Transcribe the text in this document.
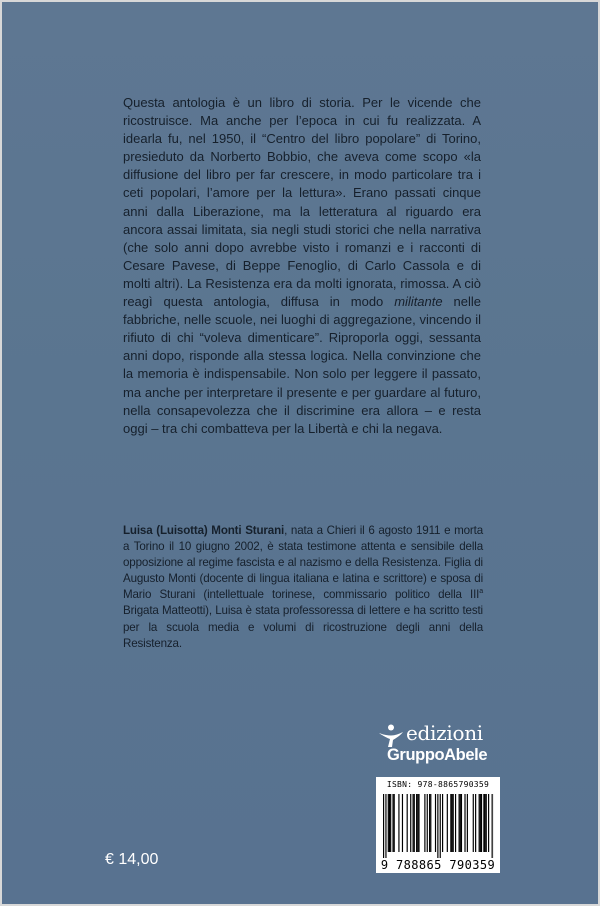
Questa antologia è un libro di storia. Per le vicende che ricostruisce. Ma anche per l’epoca in cui fu realizzata. A idearla fu, nel 1950, il “Centro del libro popolare” di Torino, presieduto da Norberto Bobbio, che aveva come scopo «la diffusione del libro per far crescere, in modo particolare tra i ceti popolari, l’amore per la lettura». Erano passati cinque anni dalla Liberazione, ma la letteratura al riguardo era ancora assai limitata, sia negli studi storici che nella narrativa (che solo anni dopo avrebbe visto i romanzi e i racconti di Cesare Pavese, di Beppe Fenoglio, di Carlo Cassola e di molti altri). La Resistenza era da molti ignorata, rimossa. A ciò reagì questa antologia, diffusa in modo militante nelle fabbriche, nelle scuole, nei luoghi di aggregazione, vincendo il rifiuto di chi “voleva dimenticare”. Riproporla oggi, sessanta anni dopo, risponde alla stessa logica. Nella convinzione che la memoria è indispensabile. Non solo per leggere il passato, ma anche per interpretare il presente e per guardare al futuro, nella consapevolezza che il discrimine era allora – e resta oggi – tra chi combatteva per la Libertà e chi la negava.

Luisa (Luisotta) Monti Sturani, nata a Chieri il 6 agosto 1911 e morta a Torino il 10 giugno 2002, è stata testimone attenta e sensibile della opposizione al regime fascista e al nazismo e della Resistenza. Figlia di Augusto Monti (docente di lingua italiana e latina e scrittore) e sposa di Mario Sturani (intellettuale torinese, commissario politico della III$^a$ Brigata Matteotti), Luisa è stata professoressa di lettere e ha scritto testi per la scuola media e volumi di ricostruzione degli anni della Resistenza.

edizioni
GruppoAbele
ISBN: 978-8865790359
9 788865 790359
€ 14,00
